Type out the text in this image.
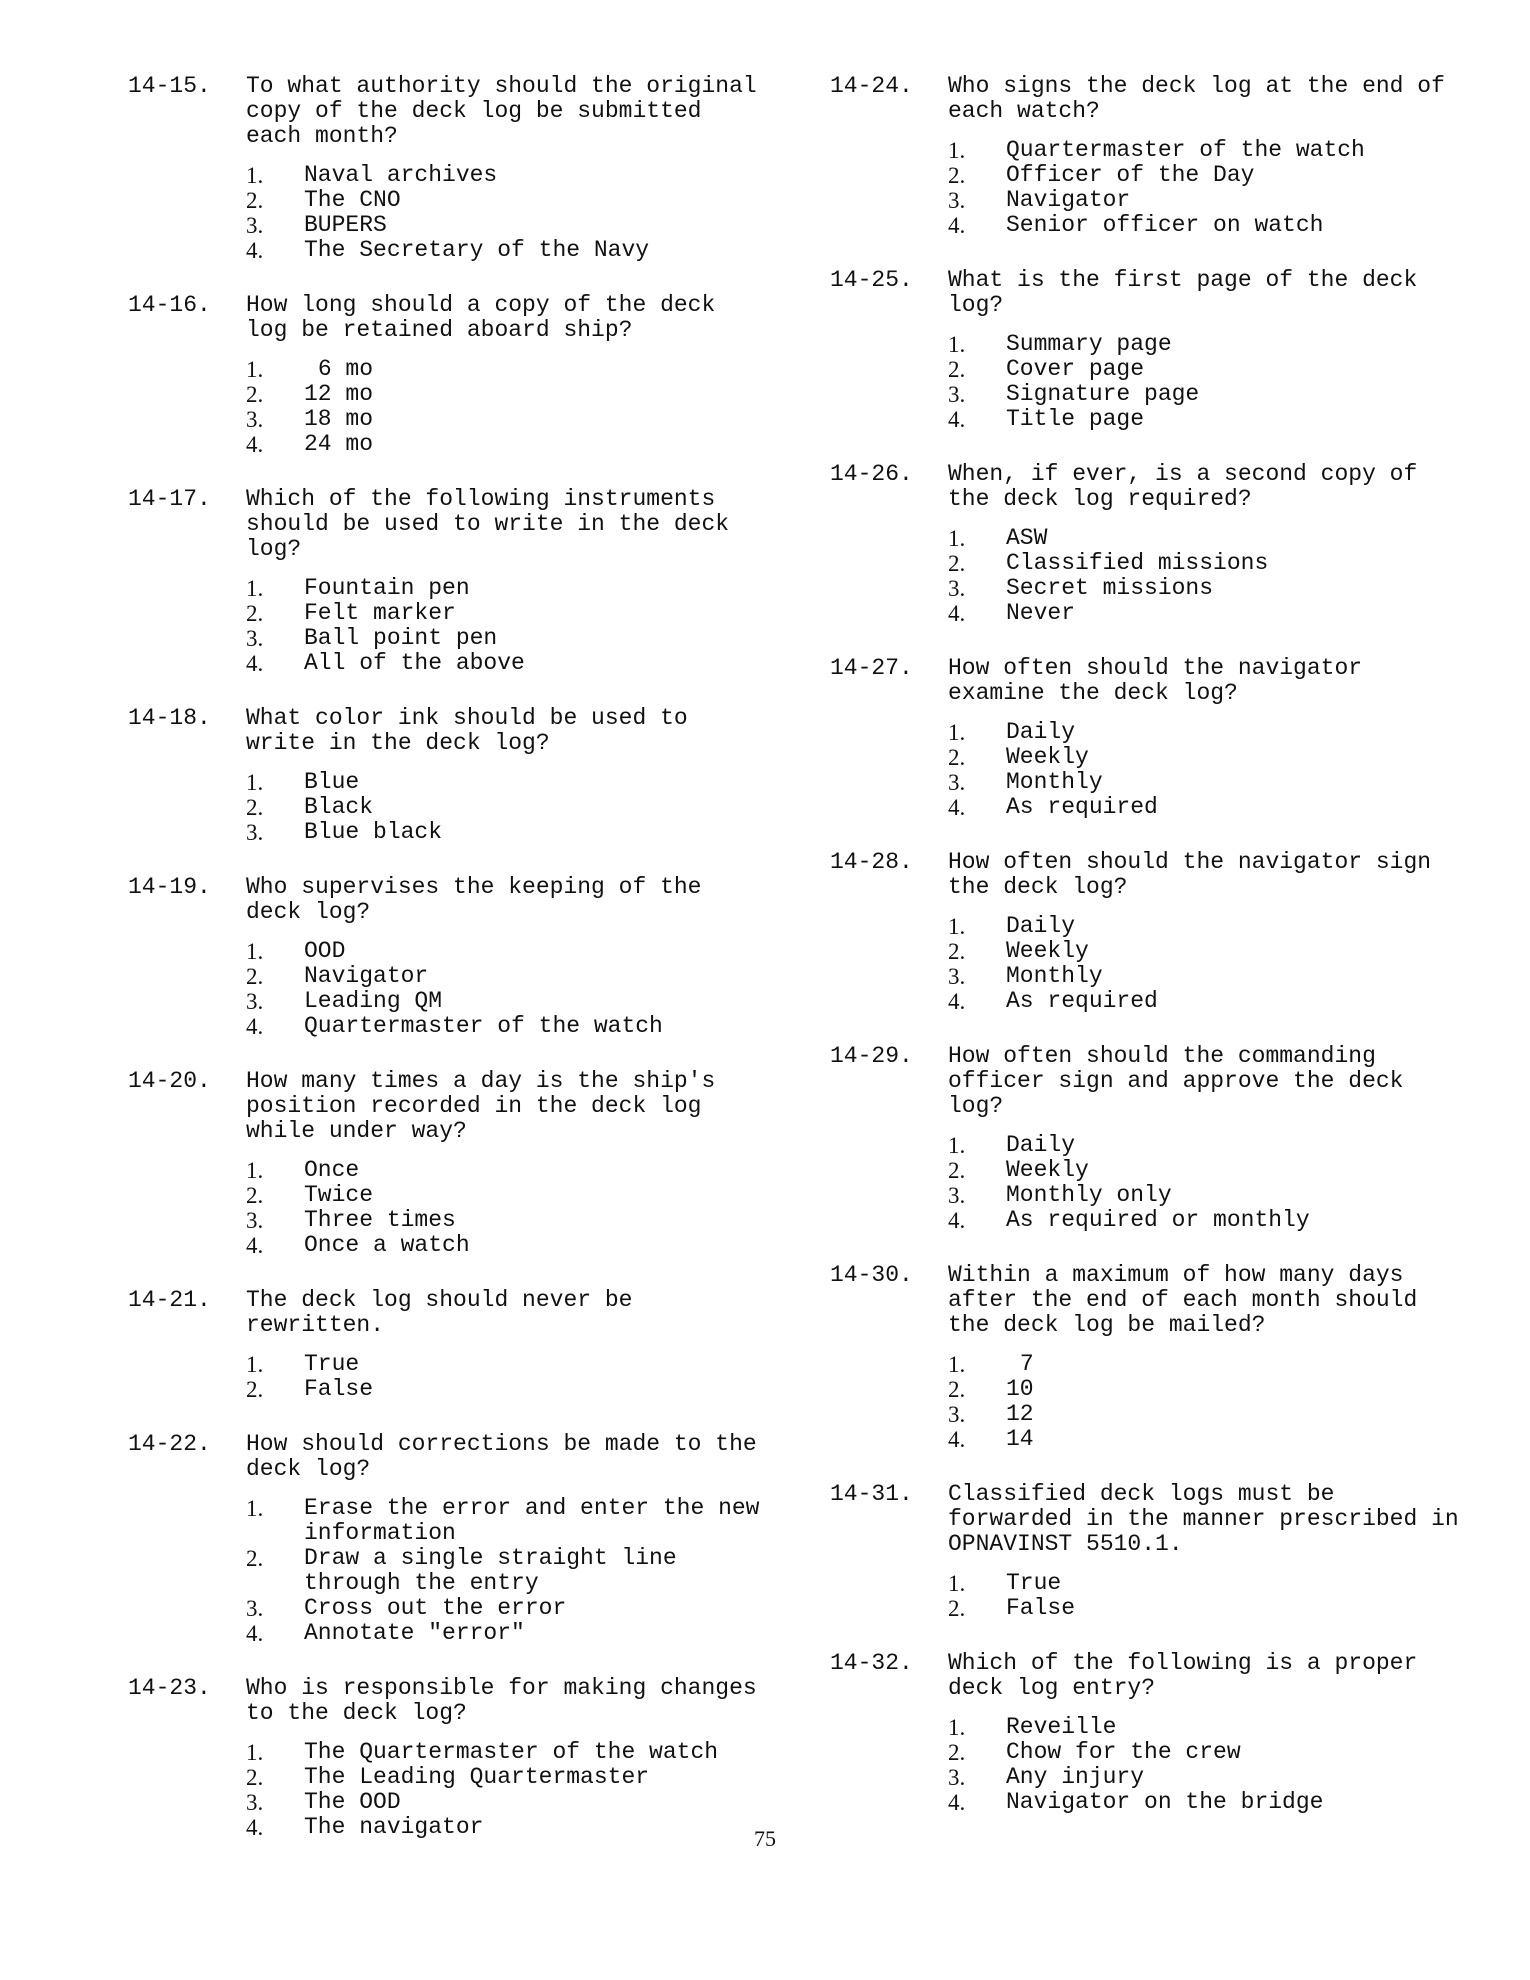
14-15.	To what authority should the original copy of the deck log be submitted each month?
1.	Naval archives
2.	The CNO
3.	BUPERS
4.	The Secretary of the Navy
14-16.	How long should a copy of the deck log be retained aboard ship?
1.	6 mo
2.	12 mo
3.	18 mo
4.	24 mo
14-17.	Which of the following instruments should be used to write in the deck log?
1.	Fountain pen
2.	Felt marker
3.	Ball point pen
4.	All of the above
14-18.	What color ink should be used to write in the deck log?
1.	Blue
2.	Black
3.	Blue black
14-19.	Who supervises the keeping of the deck log?
1.	OOD
2.	Navigator
3.	Leading QM
4.	Quartermaster of the watch
14-20.	How many times a day is the ship's position recorded in the deck log while under way?
1.	Once
2.	Twice
3.	Three times
4.	Once a watch
14-21.	The deck log should never be rewritten.
1.	True
2.	False
14-22.	How should corrections be made to the deck log?
1.	Erase the error and enter the new information
2.	Draw a single straight line through the entry
3.	Cross out the error
4.	Annotate "error"
14-23.	Who is responsible for making changes to the deck log?
1.	The Quartermaster of the watch
2.	The Leading Quartermaster
3.	The OOD
4.	The navigator
14-24.	Who signs the deck log at the end of each watch?
1.	Quartermaster of the watch
2.	Officer of the Day
3.	Navigator
4.	Senior officer on watch
14-25.	What is the first page of the deck log?
1.	Summary page
2.	Cover page
3.	Signature page
4.	Title page
14-26.	When, if ever, is a second copy of the deck log required?
1.	ASW
2.	Classified missions
3.	Secret missions
4.	Never
14-27.	How often should the navigator examine the deck log?
1.	Daily
2.	Weekly
3.	Monthly
4.	As required
14-28.	How often should the navigator sign the deck log?
1.	Daily
2.	Weekly
3.	Monthly
4.	As required
14-29.	How often should the commanding officer sign and approve the deck log?
1.	Daily
2.	Weekly
3.	Monthly only
4.	As required or monthly
14-30.	Within a maximum of how many days after the end of each month should the deck log be mailed?
1.	7
2.	10
3.	12
4.	14
14-31.	Classified deck logs must be forwarded in the manner prescribed in OPNAVINST 5510.1.
1.	True
2.	False
14-32.	Which of the following is a proper deck log entry?
1.	Reveille
2.	Chow for the crew
3.	Any injury
4.	Navigator on the bridge
75
